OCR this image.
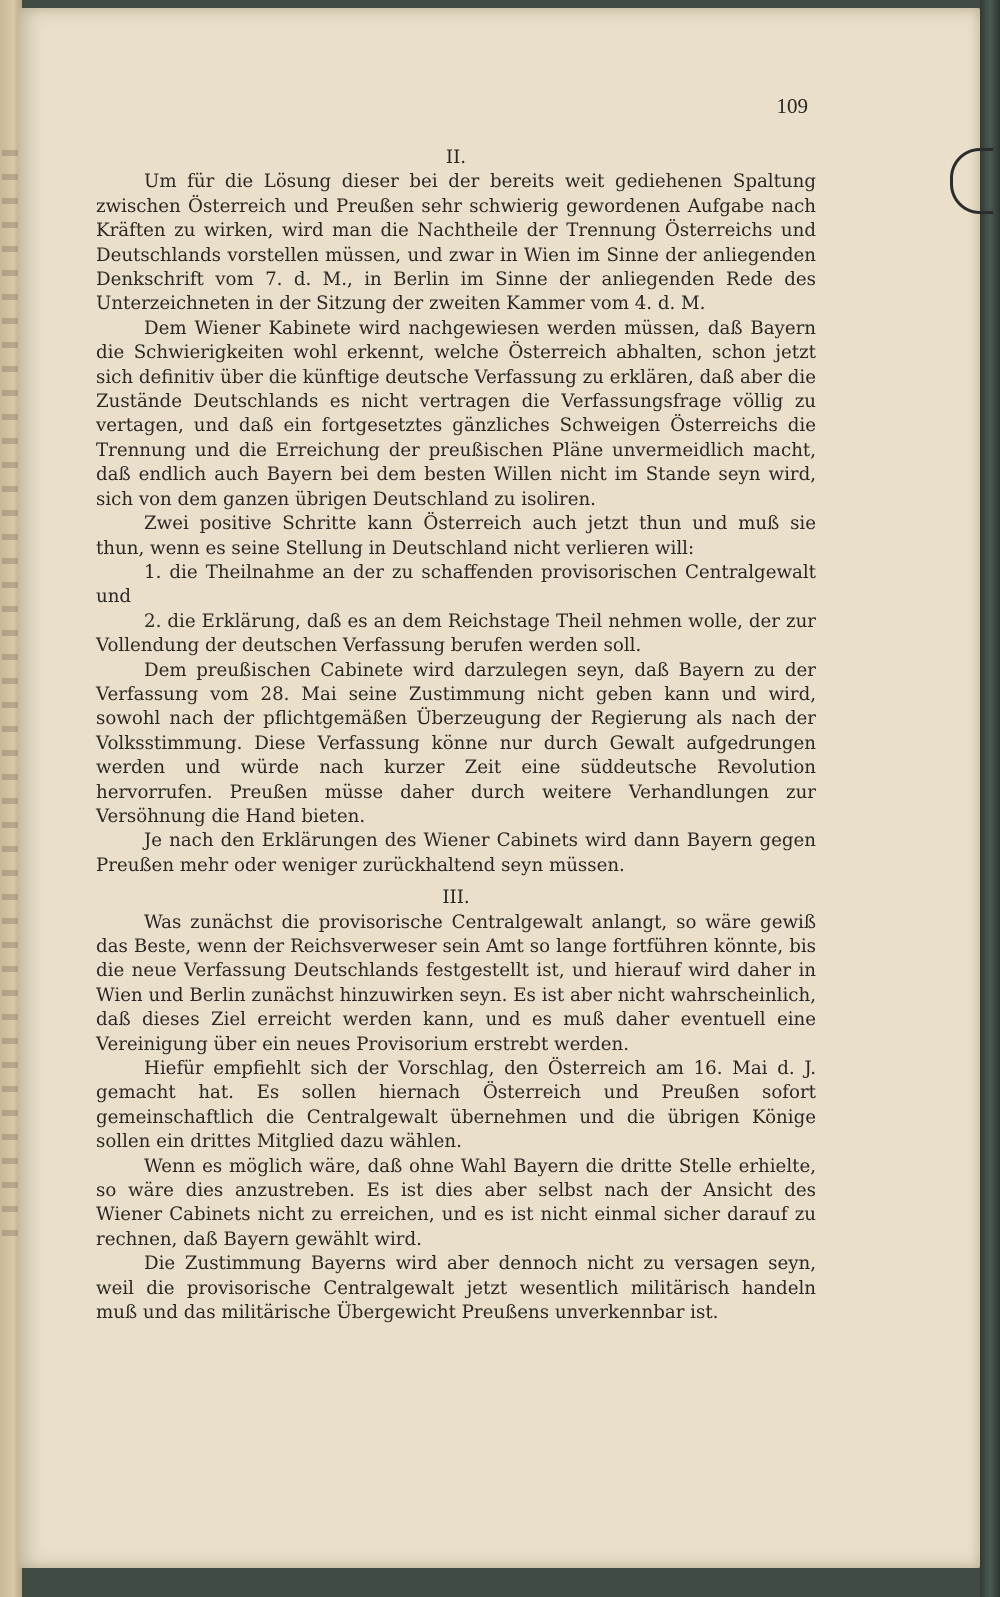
109
II.

Um für die Lösung dieser bei der bereits weit gediehenen Spaltung zwischen Österreich und Preußen sehr schwierig gewordenen Aufgabe nach Kräften zu wirken, wird man die Nachtheile der Trennung Österreichs und Deutschlands vorstellen müssen, und zwar in Wien im Sinne der anliegenden Denkschrift vom 7. d. M., in Berlin im Sinne der anliegenden Rede des Unterzeichneten in der Sitzung der zweiten Kammer vom 4. d. M.

Dem Wiener Kabinete wird nachgewiesen werden müssen, daß Bayern die Schwierigkeiten wohl erkennt, welche Österreich abhalten, schon jetzt sich definitiv über die künftige deutsche Verfassung zu erklären, daß aber die Zustände Deutschlands es nicht vertragen die Verfassungsfrage völlig zu vertagen, und daß ein fortgesetztes gänzliches Schweigen Österreichs die Trennung und die Erreichung der preußischen Pläne unvermeidlich macht, daß endlich auch Bayern bei dem besten Willen nicht im Stande seyn wird, sich von dem ganzen übrigen Deutschland zu isoliren.

Zwei positive Schritte kann Österreich auch jetzt thun und muß sie thun, wenn es seine Stellung in Deutschland nicht verlieren will:

1. die Theilnahme an der zu schaffenden provisorischen Centralgewalt und

2. die Erklärung, daß es an dem Reichstage Theil nehmen wolle, der zur Vollendung der deutschen Verfassung berufen werden soll.

Dem preußischen Cabinete wird darzulegen seyn, daß Bayern zu der Verfassung vom 28. Mai seine Zustimmung nicht geben kann und wird, sowohl nach der pflichtgemäßen Überzeugung der Regierung als nach der Volksstimmung. Diese Verfassung könne nur durch Gewalt aufgedrungen werden und würde nach kurzer Zeit eine süddeutsche Revolution hervorrufen. Preußen müsse daher durch weitere Verhandlungen zur Versöhnung die Hand bieten.

Je nach den Erklärungen des Wiener Cabinets wird dann Bayern gegen Preußen mehr oder weniger zurückhaltend seyn müssen.

III.

Was zunächst die provisorische Centralgewalt anlangt, so wäre gewiß das Beste, wenn der Reichsverweser sein Amt so lange fortführen könnte, bis die neue Verfassung Deutschlands festgestellt ist, und hierauf wird daher in Wien und Berlin zunächst hinzuwirken seyn. Es ist aber nicht wahrscheinlich, daß dieses Ziel erreicht werden kann, und es muß daher eventuell eine Vereinigung über ein neues Provisorium erstrebt werden.

Hiefür empfiehlt sich der Vorschlag, den Österreich am 16. Mai d. J. gemacht hat. Es sollen hiernach Österreich und Preußen sofort gemeinschaftlich die Centralgewalt übernehmen und die übrigen Könige sollen ein drittes Mitglied dazu wählen.

Wenn es möglich wäre, daß ohne Wahl Bayern die dritte Stelle erhielte, so wäre dies anzustreben. Es ist dies aber selbst nach der Ansicht des Wiener Cabinets nicht zu erreichen, und es ist nicht einmal sicher darauf zu rechnen, daß Bayern gewählt wird.

Die Zustimmung Bayerns wird aber dennoch nicht zu versagen seyn, weil die provisorische Centralgewalt jetzt wesentlich militärisch handeln muß und das militärische Übergewicht Preußens unverkennbar ist.
